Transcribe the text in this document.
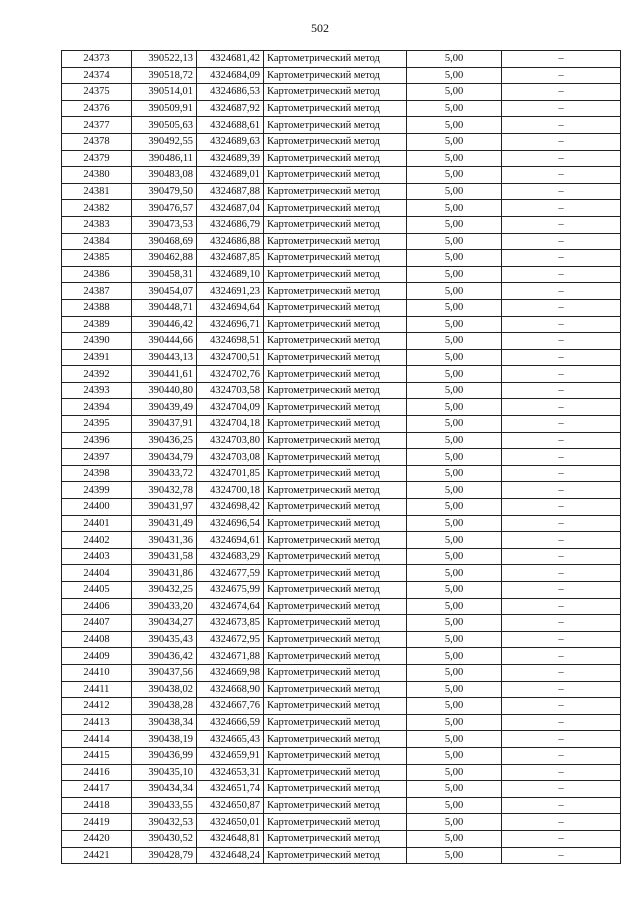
502
24373	390522,13	4324681,42	Картометрический метод	5,00	–
24374	390518,72	4324684,09	Картометрический метод	5,00	–
24375	390514,01	4324686,53	Картометрический метод	5,00	–
24376	390509,91	4324687,92	Картометрический метод	5,00	–
24377	390505,63	4324688,61	Картометрический метод	5,00	–
24378	390492,55	4324689,63	Картометрический метод	5,00	–
24379	390486,11	4324689,39	Картометрический метод	5,00	–
24380	390483,08	4324689,01	Картометрический метод	5,00	–
24381	390479,50	4324687,88	Картометрический метод	5,00	–
24382	390476,57	4324687,04	Картометрический метод	5,00	–
24383	390473,53	4324686,79	Картометрический метод	5,00	–
24384	390468,69	4324686,88	Картометрический метод	5,00	–
24385	390462,88	4324687,85	Картометрический метод	5,00	–
24386	390458,31	4324689,10	Картометрический метод	5,00	–
24387	390454,07	4324691,23	Картометрический метод	5,00	–
24388	390448,71	4324694,64	Картометрический метод	5,00	–
24389	390446,42	4324696,71	Картометрический метод	5,00	–
24390	390444,66	4324698,51	Картометрический метод	5,00	–
24391	390443,13	4324700,51	Картометрический метод	5,00	–
24392	390441,61	4324702,76	Картометрический метод	5,00	–
24393	390440,80	4324703,58	Картометрический метод	5,00	–
24394	390439,49	4324704,09	Картометрический метод	5,00	–
24395	390437,91	4324704,18	Картометрический метод	5,00	–
24396	390436,25	4324703,80	Картометрический метод	5,00	–
24397	390434,79	4324703,08	Картометрический метод	5,00	–
24398	390433,72	4324701,85	Картометрический метод	5,00	–
24399	390432,78	4324700,18	Картометрический метод	5,00	–
24400	390431,97	4324698,42	Картометрический метод	5,00	–
24401	390431,49	4324696,54	Картометрический метод	5,00	–
24402	390431,36	4324694,61	Картометрический метод	5,00	–
24403	390431,58	4324683,29	Картометрический метод	5,00	–
24404	390431,86	4324677,59	Картометрический метод	5,00	–
24405	390432,25	4324675,99	Картометрический метод	5,00	–
24406	390433,20	4324674,64	Картометрический метод	5,00	–
24407	390434,27	4324673,85	Картометрический метод	5,00	–
24408	390435,43	4324672,95	Картометрический метод	5,00	–
24409	390436,42	4324671,88	Картометрический метод	5,00	–
24410	390437,56	4324669,98	Картометрический метод	5,00	–
24411	390438,02	4324668,90	Картометрический метод	5,00	–
24412	390438,28	4324667,76	Картометрический метод	5,00	–
24413	390438,34	4324666,59	Картометрический метод	5,00	–
24414	390438,19	4324665,43	Картометрический метод	5,00	–
24415	390436,99	4324659,91	Картометрический метод	5,00	–
24416	390435,10	4324653,31	Картометрический метод	5,00	–
24417	390434,34	4324651,74	Картометрический метод	5,00	–
24418	390433,55	4324650,87	Картометрический метод	5,00	–
24419	390432,53	4324650,01	Картометрический метод	5,00	–
24420	390430,52	4324648,81	Картометрический метод	5,00	–
24421	390428,79	4324648,24	Картометрический метод	5,00	–
